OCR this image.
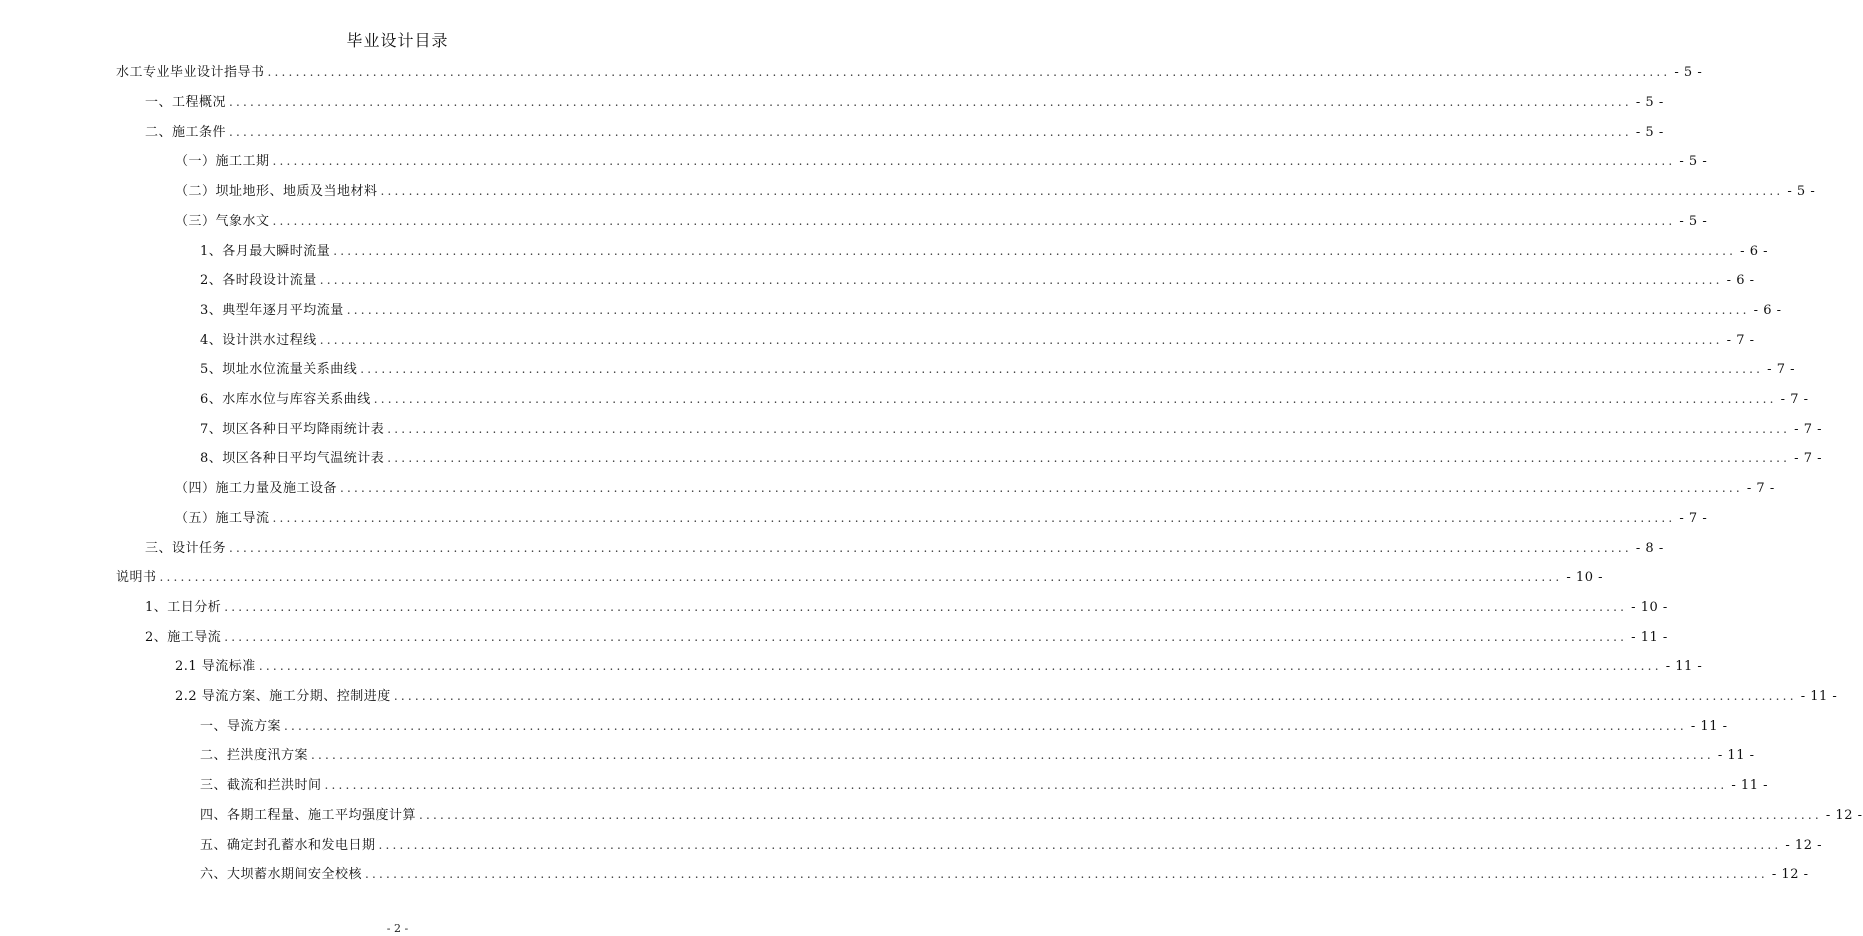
毕业设计目录
水工专业毕业设计指导书 ........................................................................................................................................................................................................ - 5 -
一、工程概况 ........................................................................................................................................................................................................ - 5 -
二、施工条件 ........................................................................................................................................................................................................ - 5 -
（一）施工工期 ........................................................................................................................................................................................................ - 5 -
（二）坝址地形、地质及当地材料 ........................................................................................................................................................................................................ - 5 -
（三）气象水文 ........................................................................................................................................................................................................ - 5 -
1、各月最大瞬时流量 ........................................................................................................................................................................................................ - 6 -
2、各时段设计流量 ........................................................................................................................................................................................................ - 6 -
3、典型年逐月平均流量 ........................................................................................................................................................................................................ - 6 -
4、设计洪水过程线 ........................................................................................................................................................................................................ - 7 -
5、坝址水位流量关系曲线 ........................................................................................................................................................................................................ - 7 -
6、水库水位与库容关系曲线 ........................................................................................................................................................................................................ - 7 -
7、坝区各种日平均降雨统计表 ........................................................................................................................................................................................................ - 7 -
8、坝区各种日平均气温统计表 ........................................................................................................................................................................................................ - 7 -
（四）施工力量及施工设备 ........................................................................................................................................................................................................ - 7 -
（五）施工导流 ........................................................................................................................................................................................................ - 7 -
三、设计任务 ........................................................................................................................................................................................................ - 8 -
说明书 ........................................................................................................................................................................................................ - 10 -
1、工日分析 ........................................................................................................................................................................................................ - 10 -
2、施工导流 ........................................................................................................................................................................................................ - 11 -
2.1 导流标准 ........................................................................................................................................................................................................ - 11 -
2.2 导流方案、施工分期、控制进度 ........................................................................................................................................................................................................ - 11 -
一、导流方案 ........................................................................................................................................................................................................ - 11 -
二、拦洪度汛方案 ........................................................................................................................................................................................................ - 11 -
三、截流和拦洪时间 ........................................................................................................................................................................................................ - 11 -
四、各期工程量、施工平均强度计算 ........................................................................................................................................................................................................ - 12 -
五、确定封孔蓄水和发电日期 ........................................................................................................................................................................................................ - 12 -
六、大坝蓄水期间安全校核 ........................................................................................................................................................................................................ - 12 -
- 2 -
